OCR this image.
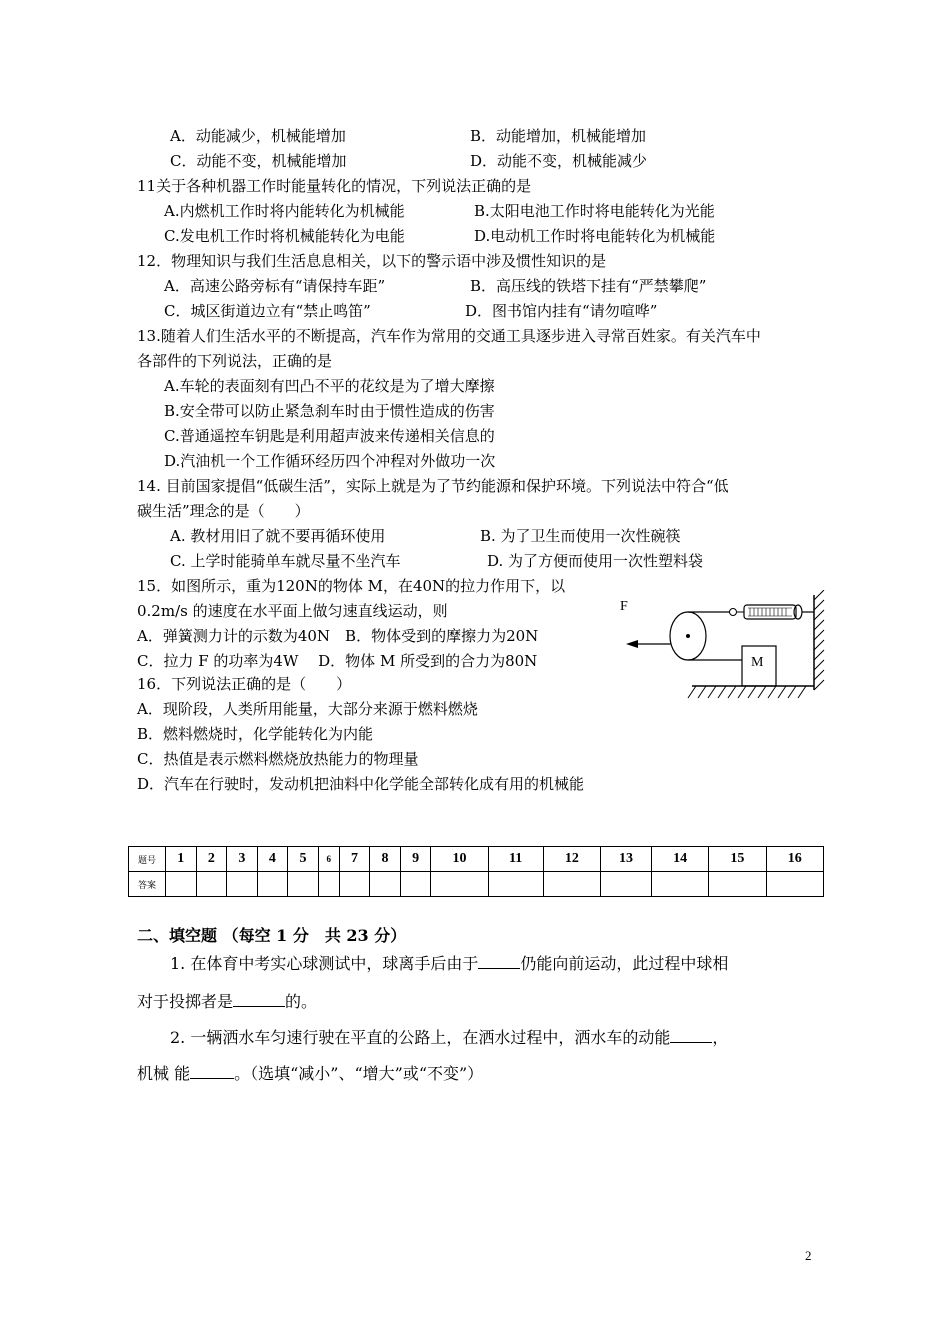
A．动能减少，机械能增加	B．动能增加，机械能增加
C．动能不变，机械能增加	D．动能不变，机械能减少
11关于各种机器工作时能量转化的情况，下列说法正确的是
A.内燃机工作时将内能转化为机械能	B.太阳电池工作时将电能转化为光能
C.发电机工作时将机械能转化为电能	D.电动机工作时将电能转化为机械能
12．物理知识与我们生活息息相关，以下的警示语中涉及惯性知识的是
A．高速公路旁标有“请保持车距”	B．高压线的铁塔下挂有“严禁攀爬”
C．城区街道边立有“禁止鸣笛”	D．图书馆内挂有“请勿喧哗”
13.随着人们生活水平的不断提高，汽车作为常用的交通工具逐步进入寻常百姓家。有关汽车中
各部件的下列说法，正确的是
A.车轮的表面刻有凹凸不平的花纹是为了增大摩擦
B.安全带可以防止紧急刹车时由于惯性造成的伤害
C.普通遥控车钥匙是利用超声波来传递相关信息的
D.汽油机一个工作循环经历四个冲程对外做功一次
14. 目前国家提倡“低碳生活”，实际上就是为了节约能源和保护环境。下列说法中符合“低
碳生活”理念的是（　　）
A. 教材用旧了就不要再循环使用	B. 为了卫生而使用一次性碗筷
C. 上学时能骑单车就尽量不坐汽车	D. 为了方便而使用一次性塑料袋
15．如图所示，重为120N的物体 M，在40N的拉力作用下，以
0.2m/s 的速度在水平面上做匀速直线运动，则
A．弹簧测力计的示数为40N　B．物体受到的摩擦力为20N
C．拉力 F 的功率为4W　 D．物体 M 所受到的合力为80N
F
M
16．下列说法正确的是（　　）
A．现阶段，人类所用能量，大部分来源于燃料燃烧
B．燃料燃烧时，化学能转化为内能
C．热值是表示燃料燃烧放热能力的物理量
D．汽车在行驶时，发动机把油料中化学能全部转化成有用的机械能
题号	1	2	3	4	5	6	7	8	9	10	11	12	13	14	15	16
答案																
二、填空题 （每空 1 分　共 23 分）
1. 在体育中考实心球测试中，球离手后由于	仍能向前运动，此过程中球相
对于投掷者是	的。
2. 一辆洒水车匀速行驶在平直的公路上，在洒水过程中，洒水车的动能	，
机械 能	。（选填“减小”、“增大”或“不变”）
2
